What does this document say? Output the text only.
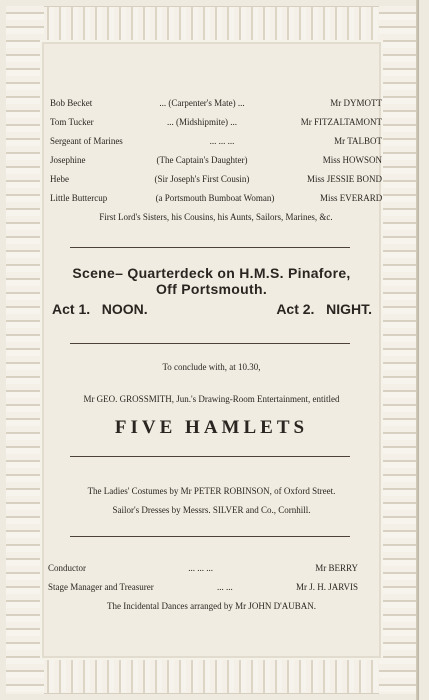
Bob Becket	... (Carpenter's Mate) ...	Mr DYMOTT
Tom Tucker	... (Midshipmite) ...	Mr FITZALTAMONT
Sergeant of Marines	... ... ...	Mr TALBOT
Josephine	(The Captain's Daughter)	Miss HOWSON
Hebe	(Sir Joseph's First Cousin)	Miss JESSIE BOND
Little Buttercup	(a Portsmouth Bumboat Woman)	Miss EVERARD
First Lord's Sisters, his Cousins, his Aunts, Sailors, Marines, &c.
Scene– Quarterdeck on H.M.S. Pinafore,
Off Portsmouth.
Act 1. NOON.	Act 2. NIGHT.
To conclude with, at 10.30,
Mr GEO. GROSSMITH, Jun.'s Drawing-Room Entertainment, entitled
FIVE HAMLETS
The Ladies' Costumes by Mr PETER ROBINSON, of Oxford Street.
Sailor's Dresses by Messrs. SILVER and Co., Cornhill.
Conductor	... ... ...	Mr BERRY
Stage Manager and Treasurer	... ...	Mr J. H. JARVIS
The Incidental Dances arranged by Mr JOHN D'AUBAN.
